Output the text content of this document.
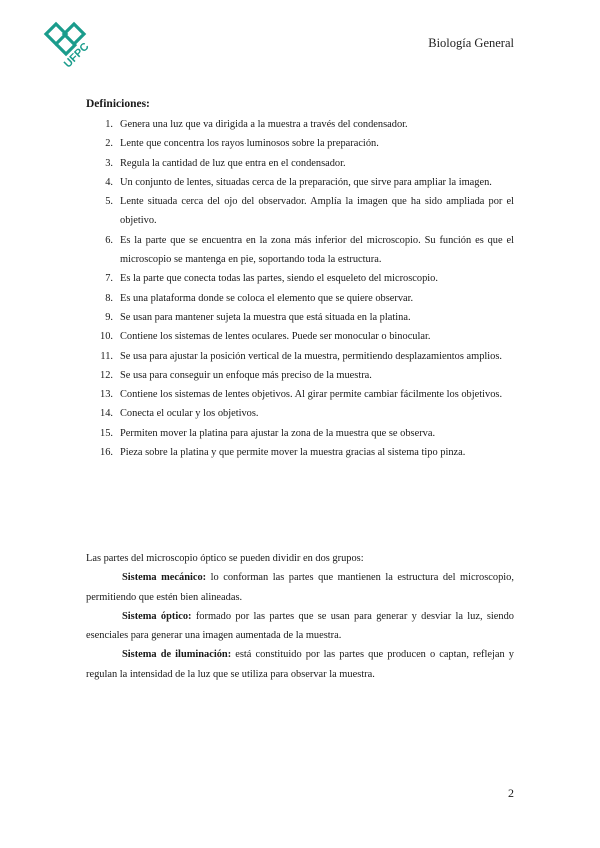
UFPC	Biología General
Definiciones:
1. Genera una luz que va dirigida a la muestra a través del condensador.
2. Lente que concentra los rayos luminosos sobre la preparación.
3. Regula la cantidad de luz que entra en el condensador.
4. Un conjunto de lentes, situadas cerca de la preparación, que sirve para ampliar la imagen.
5. Lente situada cerca del ojo del observador. Amplía la imagen que ha sido ampliada por el objetivo.
6. Es la parte que se encuentra en la zona más inferior del microscopio. Su función es que el microscopio se mantenga en pie, soportando toda la estructura.
7. Es la parte que conecta todas las partes, siendo el esqueleto del microscopio.
8. Es una plataforma donde se coloca el elemento que se quiere observar.
9. Se usan para mantener sujeta la muestra que está situada en la platina.
10. Contiene los sistemas de lentes oculares. Puede ser monocular o binocular.
11. Se usa para ajustar la posición vertical de la muestra, permitiendo desplazamientos amplios.
12. Se usa para conseguir un enfoque más preciso de la muestra.
13. Contiene los sistemas de lentes objetivos. Al girar permite cambiar fácilmente los objetivos.
14. Conecta el ocular y los objetivos.
15. Permiten mover la platina para ajustar la zona de la muestra que se observa.
16. Pieza sobre la platina y que permite mover la muestra gracias al sistema tipo pinza.

Las partes del microscopio óptico se pueden dividir en dos grupos:

Sistema mecánico: lo conforman las partes que mantienen la estructura del microscopio, permitiendo que estén bien alineadas.

Sistema óptico: formado por las partes que se usan para generar y desviar la luz, siendo esenciales para generar una imagen aumentada de la muestra.

Sistema de iluminación: está constituido por las partes que producen o captan, reflejan y regulan la intensidad de la luz que se utiliza para observar la muestra.

2
